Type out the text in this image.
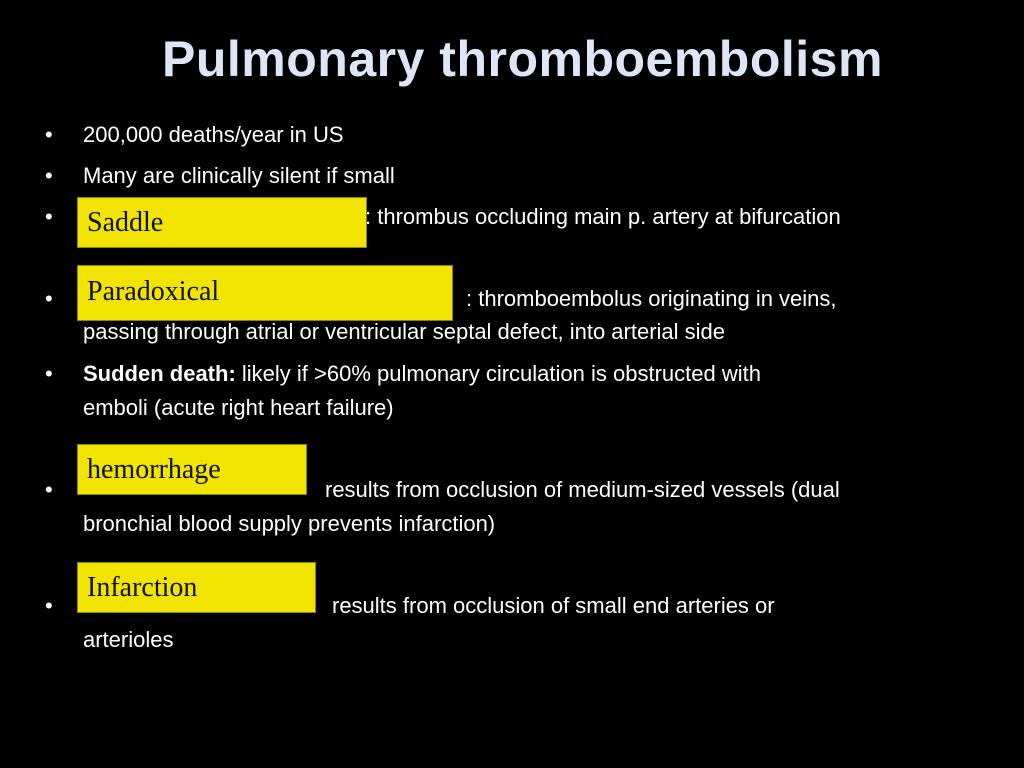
Pulmonary thromboembolism
• 200,000 deaths/year in US
• Many are clinically silent if small
•	Saddle	: thrombus occluding main p. artery at bifurcation
•	Paradoxical	: thromboembolus originating in veins,
passing through atrial or ventricular septal defect, into arterial side
• Sudden death: likely if >60% pulmonary circulation is obstructed with
emboli (acute right heart failure)
•
hemorrhage
results from occlusion of medium-sized vessels (dual
bronchial blood supply prevents infarction)
•
Infarction
results from occlusion of small end arteries or
arterioles
